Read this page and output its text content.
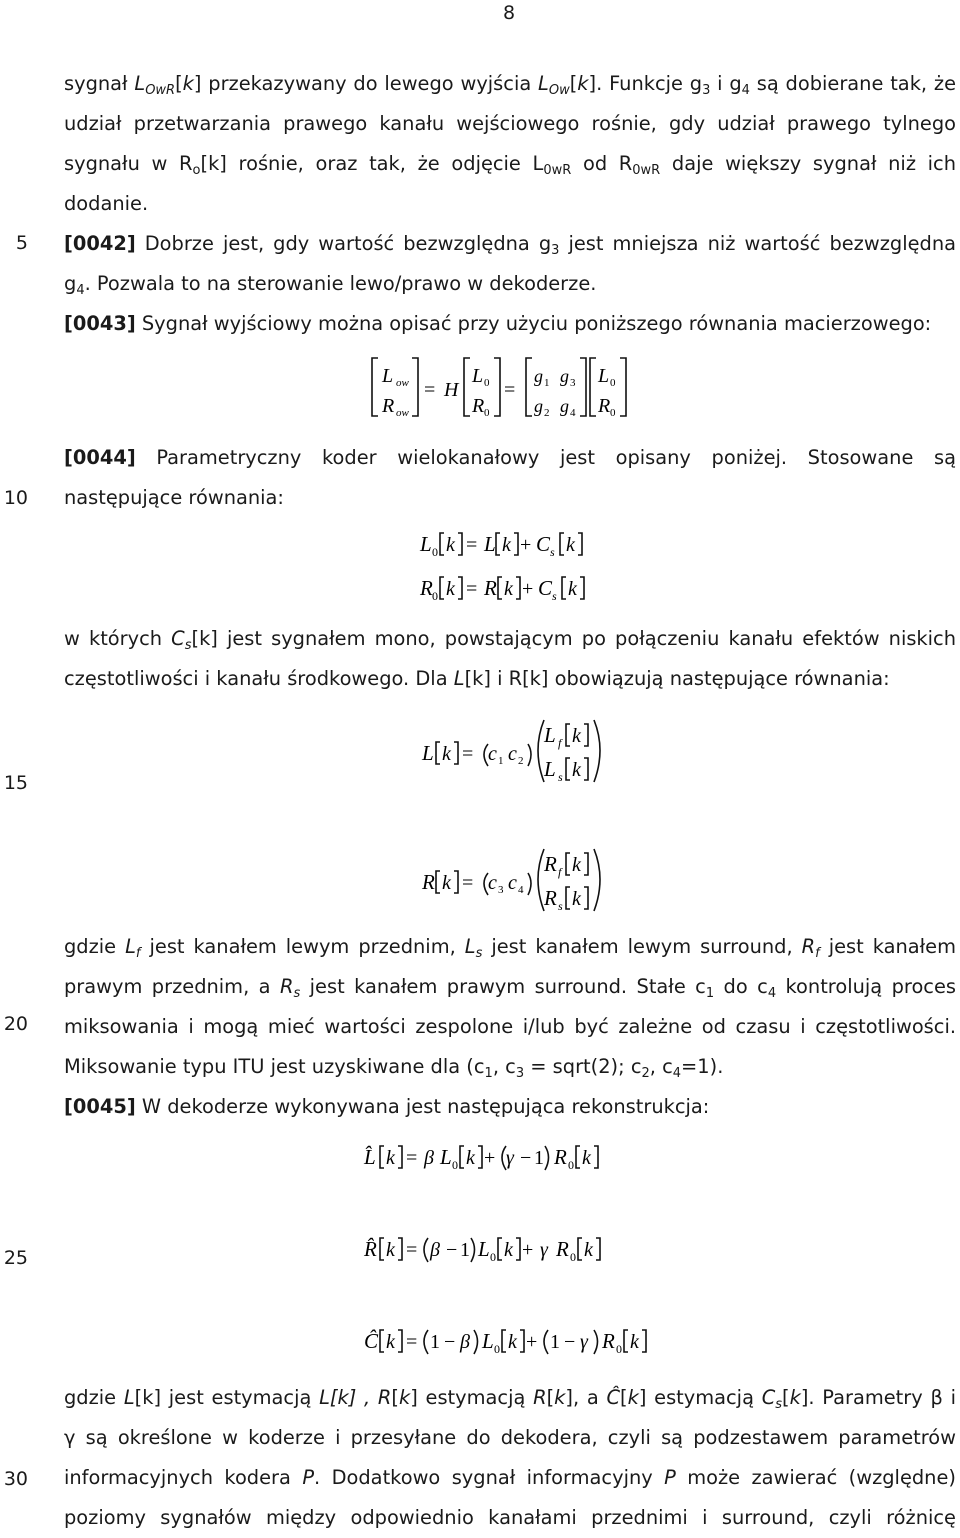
8
5
10
15
20
25
30
sygnał $L_{OwR}[k]$ przekazywany do lewego wyjścia $L_{Ow}[k]$. Funkcje $g_3$ i $g_4$ są dobierane tak, że
udział przetwarzania prawego kanału wejściowego rośnie, gdy udział prawego tylnego
sygnału w $R_o[k]$ rośnie, oraz tak, że odjęcie $L_{0wR}$ od $R_{0wR}$ daje większy sygnał niż ich
dodanie.
[0042] Dobrze jest, gdy wartość bezwzględna $g_3$ jest mniejsza niż wartość bezwzględna
$g_4$. Pozwala to na sterowanie lewo/prawo w dekoderze.
[0043] Sygnał wyjściowy można opisać przy użyciu poniższego równania macierzowego:
L ow
R ow
= H
L 0
R 0
=
g 1 g 3
g 2 g 4
L 0
R 0
[0044] Parametryczny koder wielokanałowy jest opisany poniżej. Stosowane są
następujące równania:
L 0 k = L k + C s k
R 0 k = R k + C s k
w których $C_s[k]$ jest sygnałem mono, powstającym po połączeniu kanału efektów niskich
częstotliwości i kanału środkowego. Dla L[k] i R[k] obowiązują następujące równania:
L k = c 1 c 2
L f k
L s k
R k = c 3 c 4
R f k
R s k
gdzie $L_f$ jest kanałem lewym przednim, $L_s$ jest kanałem lewym surround, $R_f$ jest kanałem
prawym przednim, a $R_s$ jest kanałem prawym surround. Stałe $c_1$ do $c_4$ kontrolują proces
miksowania i mogą mieć wartości zespolone i/lub być zależne od czasu i częstotliwości.
Miksowanie typu ITU jest uzyskiwane dla ($c_1$, $c_3$ = sqrt(2); $c_2$, $c_4=1$).
[0045] W dekoderze wykonywana jest następująca rekonstrukcja:
L̂ k = β L 0 k + γ − 1 R 0 k
R̂ k = β − 1 L 0 k + γ R 0 k
Ĉ k = 1 − β L 0 k + 1 − γ R 0 k
gdzie L[k] jest estymacją L[k] , R[k] estymacją R[k], a Ĉ[k] estymacją $C_s[k]$. Parametry β i
γ są określone w koderze i przesyłane do dekodera, czyli są podzestawem parametrów
informacyjnych kodera P. Dodatkowo sygnał informacyjny P może zawierać (względne)
poziomy sygnałów między odpowiednio kanałami przednimi i surround, czyli różnicę
